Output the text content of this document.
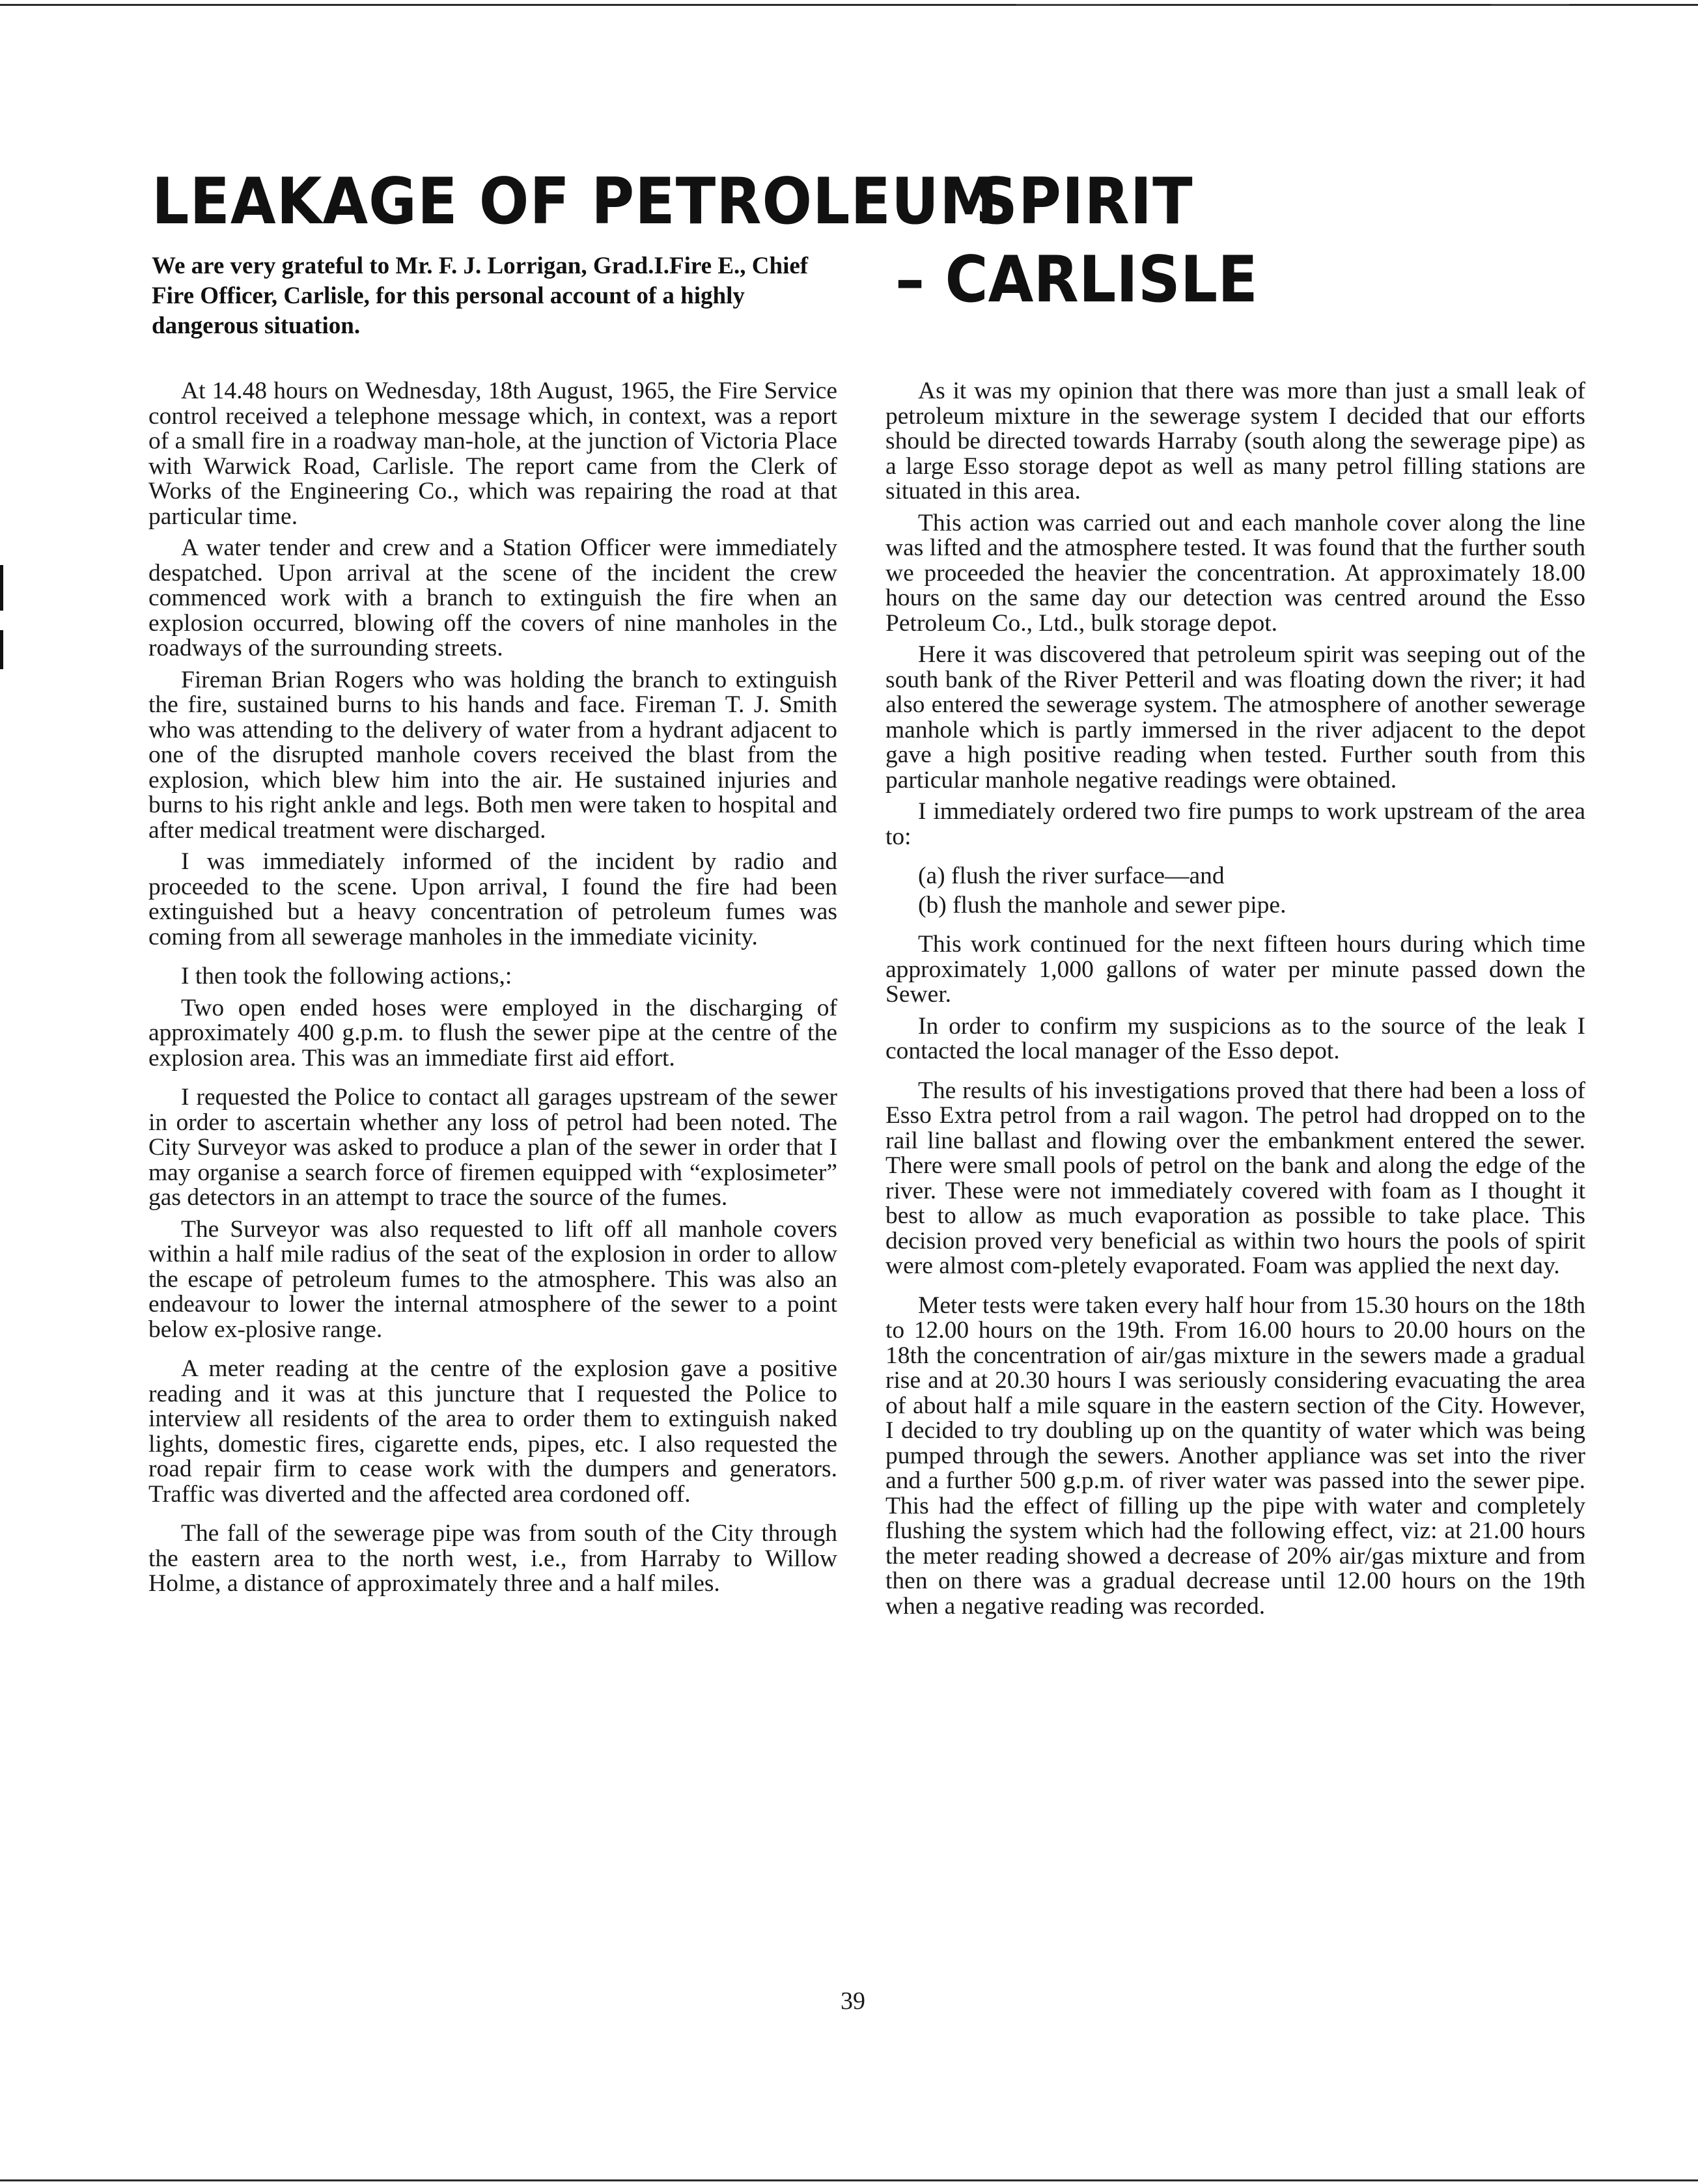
LEAKAGE OF PETROLEUM
SPIRIT
– CARLISLE
We are very grateful to Mr. F. J. Lorrigan, Grad.I.Fire E., Chief Fire Officer, Carlisle, for this personal account of a highly dangerous situation.

At 14.48 hours on Wednesday, 18th August, 1965, the Fire Service control received a telephone message which, in context, was a report of a small fire in a roadway man-hole, at the junction of Victoria Place with Warwick Road, Carlisle. The report came from the Clerk of Works of the Engineering Co., which was repairing the road at that particular time.

A water tender and crew and a Station Officer were immediately despatched. Upon arrival at the scene of the incident the crew commenced work with a branch to extinguish the fire when an explosion occurred, blowing off the covers of nine manholes in the roadways of the surrounding streets.

Fireman Brian Rogers who was holding the branch to extinguish the fire, sustained burns to his hands and face. Fireman T. J. Smith who was attending to the delivery of water from a hydrant adjacent to one of the disrupted manhole covers received the blast from the explosion, which blew him into the air. He sustained injuries and burns to his right ankle and legs. Both men were taken to hospital and after medical treatment were discharged.

I was immediately informed of the incident by radio and proceeded to the scene. Upon arrival, I found the fire had been extinguished but a heavy concentration of petroleum fumes was coming from all sewerage manholes in the immediate vicinity.

I then took the following actions,:

Two open ended hoses were employed in the discharging of approximately 400 g.p.m. to flush the sewer pipe at the centre of the explosion area. This was an immediate first aid effort.

I requested the Police to contact all garages upstream of the sewer in order to ascertain whether any loss of petrol had been noted. The City Surveyor was asked to produce a plan of the sewer in order that I may organise a search force of firemen equipped with “explosimeter” gas detectors in an attempt to trace the source of the fumes.

The Surveyor was also requested to lift off all manhole covers within a half mile radius of the seat of the explosion in order to allow the escape of petroleum fumes to the atmosphere. This was also an endeavour to lower the internal atmosphere of the sewer to a point below ex-plosive range.

A meter reading at the centre of the explosion gave a positive reading and it was at this juncture that I requested the Police to interview all residents of the area to order them to extinguish naked lights, domestic fires, cigarette ends, pipes, etc. I also requested the road repair firm to cease work with the dumpers and generators. Traffic was diverted and the affected area cordoned off.

The fall of the sewerage pipe was from south of the City through the eastern area to the north west, i.e., from Harraby to Willow Holme, a distance of approximately three and a half miles.

As it was my opinion that there was more than just a small leak of petroleum mixture in the sewerage system I decided that our efforts should be directed towards Harraby (south along the sewerage pipe) as a large Esso storage depot as well as many petrol filling stations are situated in this area.

This action was carried out and each manhole cover along the line was lifted and the atmosphere tested. It was found that the further south we proceeded the heavier the concentration. At approximately 18.00 hours on the same day our detection was centred around the Esso Petroleum Co., Ltd., bulk storage depot.

Here it was discovered that petroleum spirit was seeping out of the south bank of the River Petteril and was floating down the river; it had also entered the sewerage system. The atmosphere of another sewerage manhole which is partly immersed in the river adjacent to the depot gave a high positive reading when tested. Further south from this particular manhole negative readings were obtained.

I immediately ordered two fire pumps to work upstream of the area to:

(a) flush the river surface—and

(b) flush the manhole and sewer pipe.

This work continued for the next fifteen hours during which time approximately 1,000 gallons of water per minute passed down the Sewer.

In order to confirm my suspicions as to the source of the leak I contacted the local manager of the Esso depot.

The results of his investigations proved that there had been a loss of Esso Extra petrol from a rail wagon. The petrol had dropped on to the rail line ballast and flowing over the embankment entered the sewer. There were small pools of petrol on the bank and along the edge of the river. These were not immediately covered with foam as I thought it best to allow as much evaporation as possible to take place. This decision proved very beneficial as within two hours the pools of spirit were almost com-pletely evaporated. Foam was applied the next day.

Meter tests were taken every half hour from 15.30 hours on the 18th to 12.00 hours on the 19th. From 16.00 hours to 20.00 hours on the 18th the concentration of air/gas mixture in the sewers made a gradual rise and at 20.30 hours I was seriously considering evacuating the area of about half a mile square in the eastern section of the City. However, I decided to try doubling up on the quantity of water which was being pumped through the sewers. Another appliance was set into the river and a further 500 g.p.m. of river water was passed into the sewer pipe. This had the effect of filling up the pipe with water and completely flushing the system which had the following effect, viz: at 21.00 hours the meter reading showed a decrease of 20% air/gas mixture and from then on there was a gradual decrease until 12.00 hours on the 19th when a negative reading was recorded.

39
